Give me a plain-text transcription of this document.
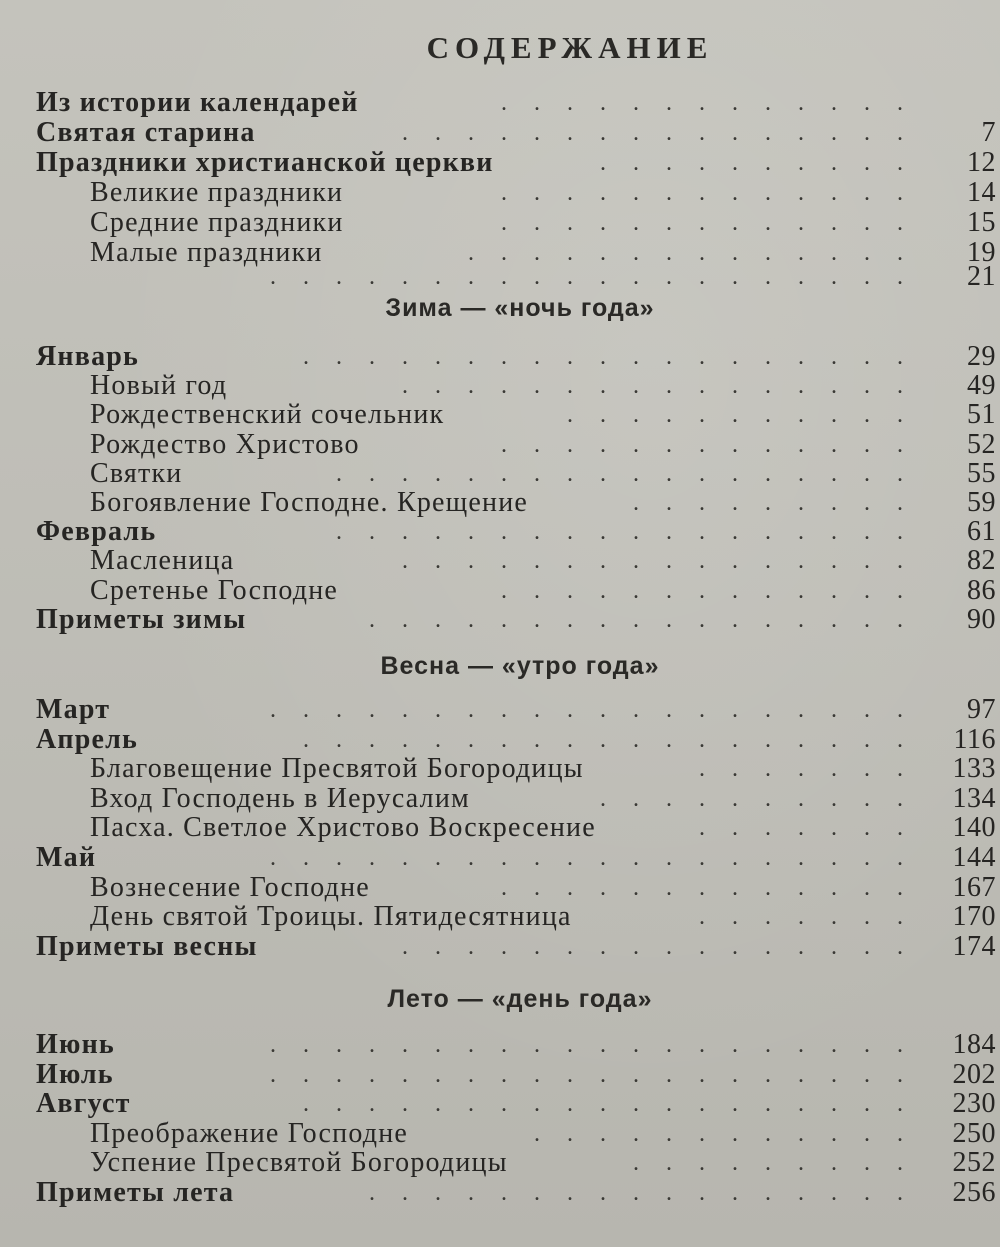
СОДЕРЖАНИЕ
Из истории календарей	.............
Святая старина	................ 7
Праздники христианской церкви	.......... 12
Великие праздники	............. 14
Средние праздники	............. 15
Малые праздники	.............. 19
.................... 21
Зима — «ночь года»
Январь	................... 29
Новый год	................ 49
Рождественский сочельник	........... 51
Рождество Христово	............. 52
Святки	.................. 55
Богоявление Господне. Крещение	......... 59
Февраль	.................. 61
Масленица	................ 82
Сретенье Господне	............. 86
Приметы зимы	................. 90
Весна — «утро года»
Март	.................... 97
Апрель	................... 116
Благовещение Пресвятой Богородицы	....... 133
Вход Господень в Иерусалим	.......... 134
Пасха. Светлое Христово Воскресение	....... 140
Май	.................... 144
Вознесение Господне	............. 167
День святой Троицы. Пятидесятница	....... 170
Приметы весны	................ 174
Лето — «день года»
Июнь	.................... 184
Июль	.................... 202
Август	................... 230
Преображение Господне	............ 250
Успение Пресвятой Богородицы	......... 252
Приметы лета	................. 256
